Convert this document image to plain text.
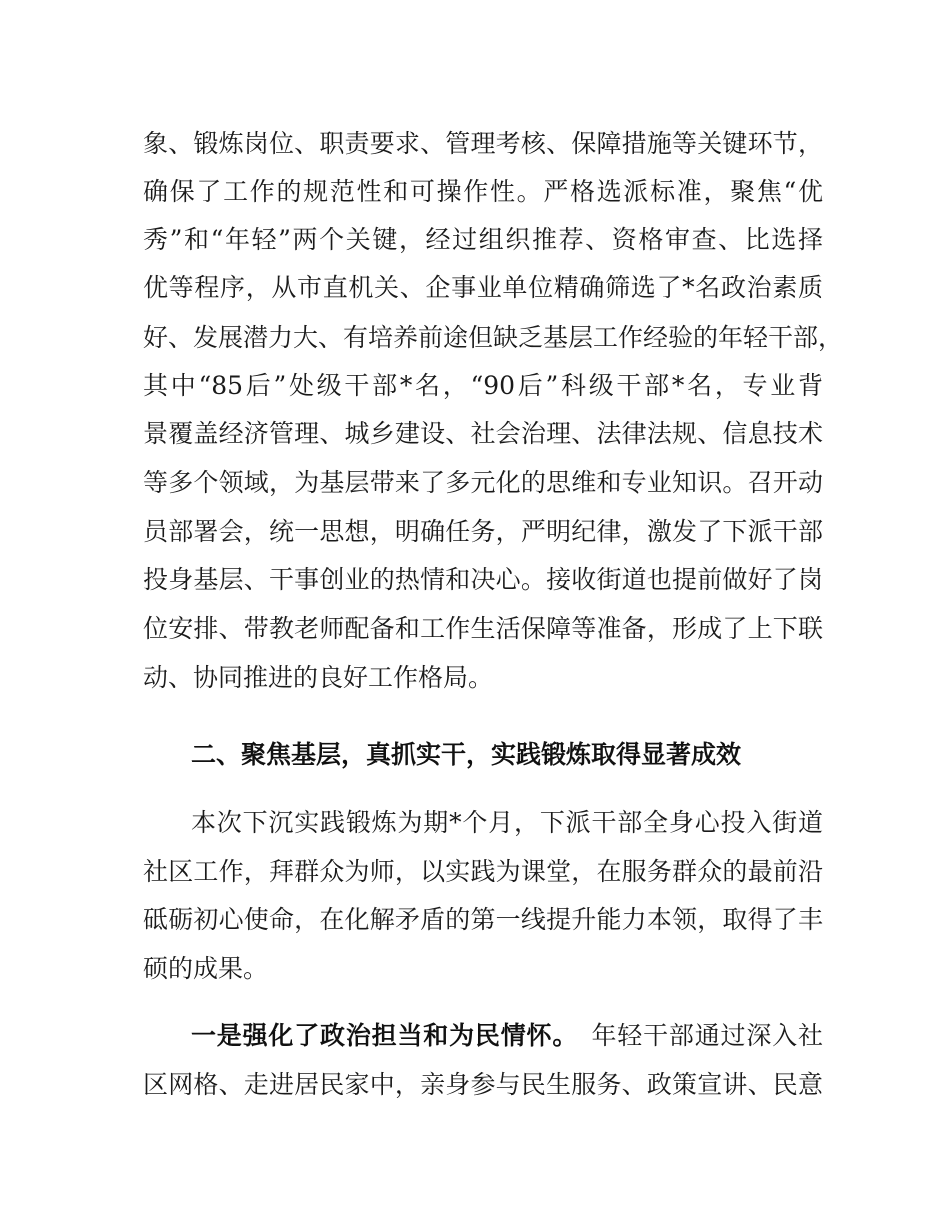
象、锻炼岗位、职责要求、管理考核、保障措施等关键环节，
确保了工作的规范性和可操作性。严格选派标准，聚焦“优
秀”和“年轻”两个关键，经过组织推荐、资格审查、比选择
优等程序，从市直机关、企事业单位精确筛选了*名政治素质
好、发展潜力大、有培养前途但缺乏基层工作经验的年轻干部，
其中“85后”处级干部*名，“90后”科级干部*名，专业背
景覆盖经济管理、城乡建设、社会治理、法律法规、信息技术
等多个领域，为基层带来了多元化的思维和专业知识。召开动
员部署会，统一思想，明确任务，严明纪律，激发了下派干部
投身基层、干事创业的热情和决心。接收街道也提前做好了岗
位安排、带教老师配备和工作生活保障等准备，形成了上下联
动、协同推进的良好工作格局。
二、聚焦基层，真抓实干，实践锻炼取得显著成效
本次下沉实践锻炼为期*个月，下派干部全身心投入街道
社区工作，拜群众为师，以实践为课堂，在服务群众的最前沿
砥砺初心使命，在化解矛盾的第一线提升能力本领，取得了丰
硕的成果。
一是强化了政治担当和为民情怀。  年轻干部通过深入社
区网格、走进居民家中，亲身参与民生服务、政策宣讲、民意
